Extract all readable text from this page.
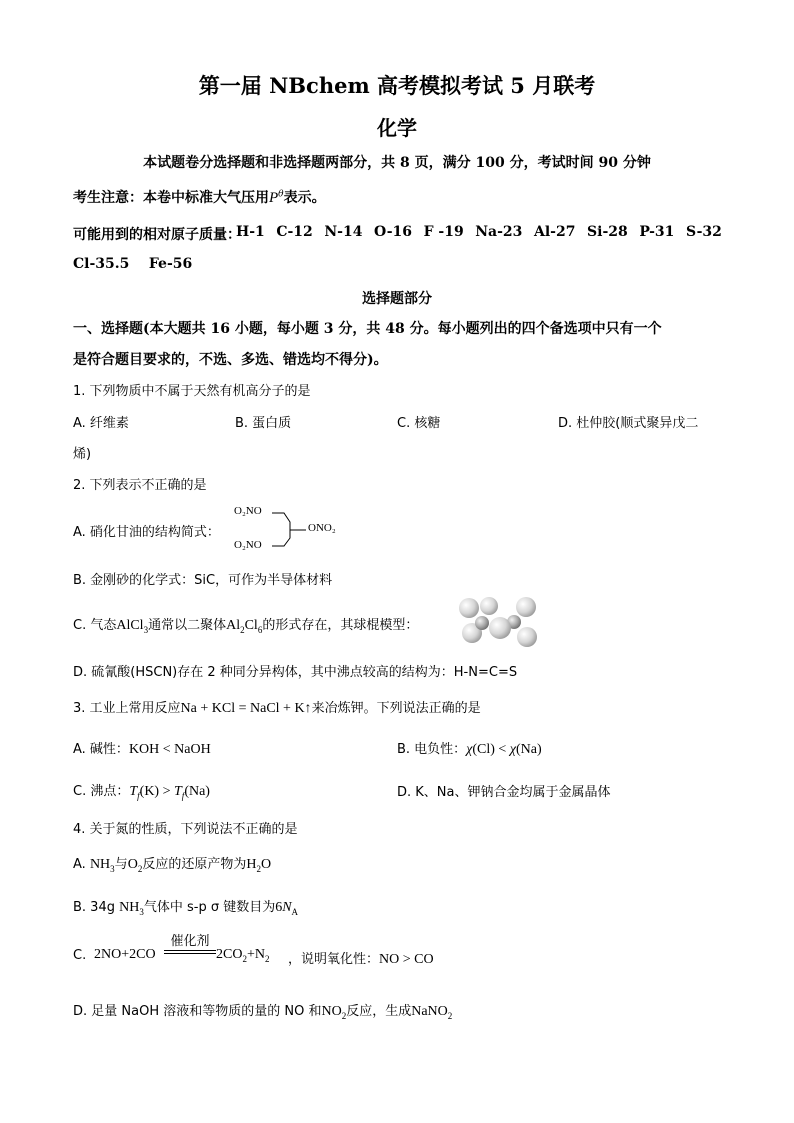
第一届 NBchem 高考模拟考试 5 月联考
化学
本试题卷分选择题和非选择题两部分，共 8 页，满分 100 分，考试时间 90 分钟
考生注意：本卷中标准大气压用$P^\theta$表示。
可能用到的相对原子质量：
H-1 C-12 N-14 O-16 F -19 Na-23 Al-27 Si-28 P-31 S-32
Cl-35.5 Fe-56
选择题部分
一、选择题(本大题共 16 小题，每小题 3 分，共 48 分。每小题列出的四个备选项中只有一个
是符合题目要求的，不选、多选、错选均不得分)。
1. 下列物质中不属于天然有机高分子的是
A. 纤维素	B. 蛋白质	C. 核糖	D. 杜仲胶(顺式聚异戊二
烯)
2. 下列表示不正确的是
A. 硝化甘油的结构简式：
O₂NO
ONO₂
O₂NO
B. 金刚砂的化学式：SiC，可作为半导体材料
C. 气态AlCl$_3$通常以二聚体$Al_2Cl_6$的形式存在，其球棍模型：
D. 硫氰酸(HSCN)存在 2 种同分异构体，其中沸点较高的结构为：H-N=C=S
3. 工业上常用反应Na + KCl = NaCl + K↑来冶炼钾。下列说法正确的是
A. 碱性：KOH < NaOH	B. 电负性：χ(Cl) < χ(Na)
C. 沸点：$T_f(K) > T_f(Na)$	D. K、Na、钾钠合金均属于金属晶体
4. 关于氮的性质，下列说法不正确的是
A. $NH_3$与$O_2$反应的还原产物为$H_2O$
B. 34g $NH_3$气体中 s-p σ 键数目为$6N_A$
C. 2NO+2CO
催化剂
$2CO_2+N_2$ ，说明氧化性：NO > CO
D. 足量 NaOH 溶液和等物质的量的 NO 和$NO_2$反应，生成NaNO$_2$
